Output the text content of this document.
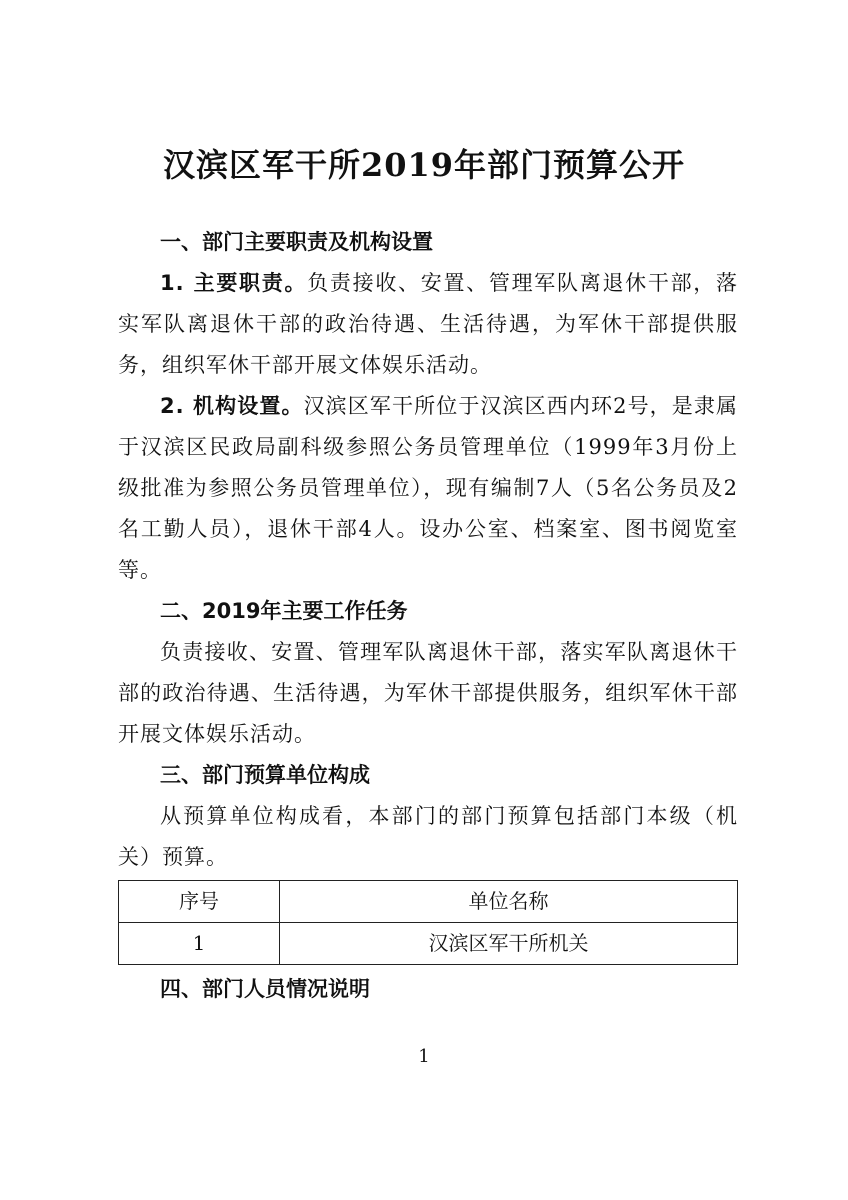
汉滨区军干所2019年部门预算公开

一、部门主要职责及机构设置

1. 主要职责。负责接收、安置、管理军队离退休干部，落实军队离退休干部的政治待遇、生活待遇，为军休干部提供服务，组织军休干部开展文体娱乐活动。

2. 机构设置。汉滨区军干所位于汉滨区西内环2号，是隶属于汉滨区民政局副科级参照公务员管理单位（1999年3月份上级批准为参照公务员管理单位），现有编制7人（5名公务员及2名工勤人员），退休干部4人。设办公室、档案室、图书阅览室等。

二、2019年主要工作任务

负责接收、安置、管理军队离退休干部，落实军队离退休干部的政治待遇、生活待遇，为军休干部提供服务，组织军休干部开展文体娱乐活动。

三、部门预算单位构成

从预算单位构成看，本部门的部门预算包括部门本级（机关）预算。

序号	单位名称
1	汉滨区军干所机关

四、部门人员情况说明

1
